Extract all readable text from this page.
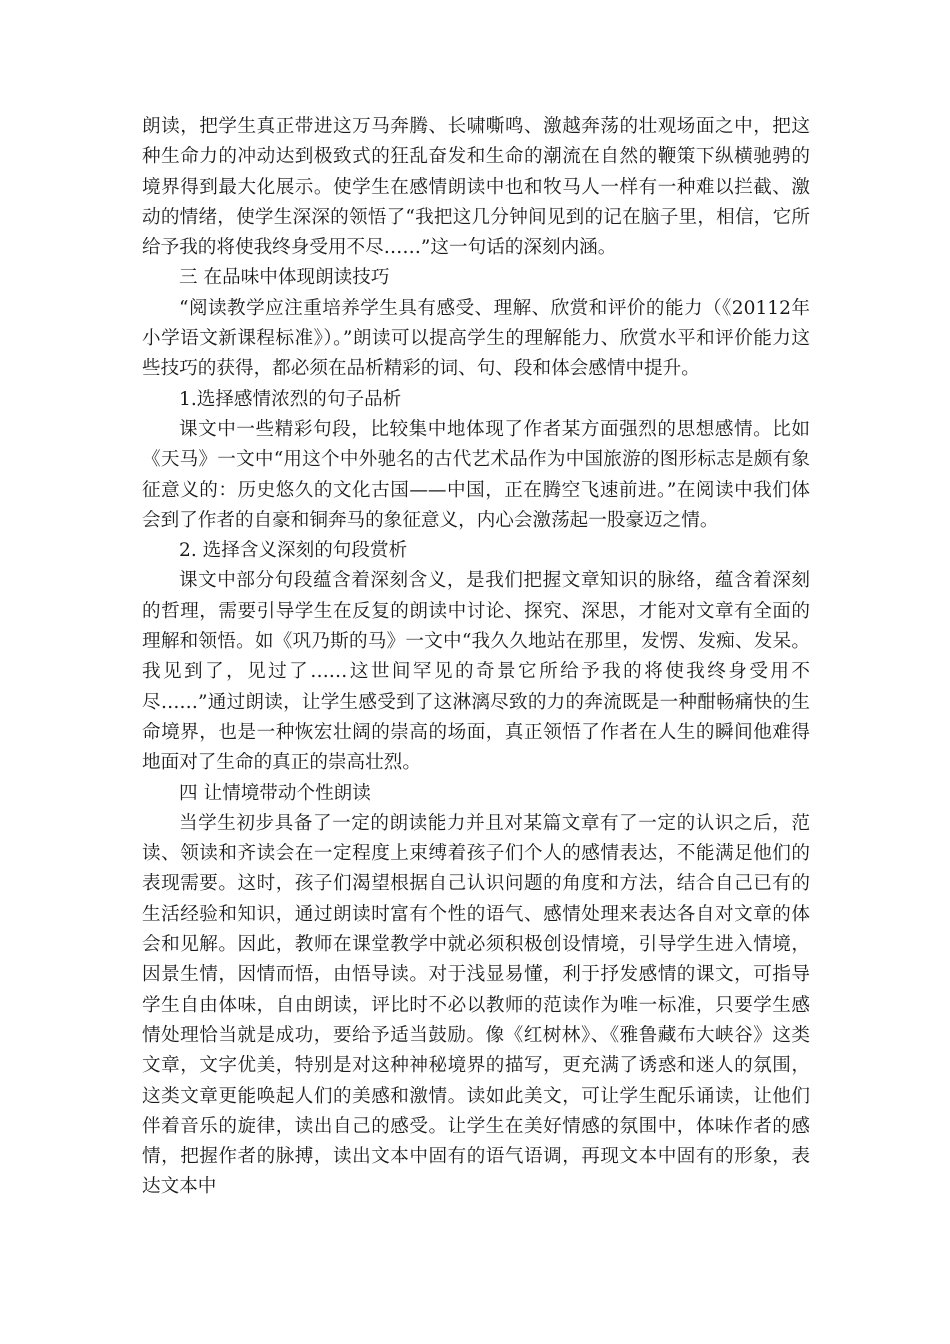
朗读，把学生真正带进这万马奔腾、长啸嘶鸣、激越奔荡的壮观场面之中，把这种生命力的冲动达到极致式的狂乱奋发和生命的潮流在自然的鞭策下纵横驰骋的境界得到最大化展示。使学生在感情朗读中也和牧马人一样有一种难以拦截、激动的情绪，使学生深深的领悟了“我把这几分钟间见到的记在脑子里，相信，它所给予我的将使我终身受用不尽……”这一句话的深刻内涵。

三 在品味中体现朗读技巧

“阅读教学应注重培养学生具有感受、理解、欣赏和评价的能力（《20112年小学语文新课程标准》）。”朗读可以提高学生的理解能力、欣赏水平和评价能力这些技巧的获得，都必须在品析精彩的词、句、段和体会感情中提升。

1.选择感情浓烈的句子品析

课文中一些精彩句段，比较集中地体现了作者某方面强烈的思想感情。比如《天马》一文中“用这个中外驰名的古代艺术品作为中国旅游的图形标志是颇有象征意义的：历史悠久的文化古国——中国，正在腾空飞速前进。”在阅读中我们体会到了作者的自豪和铜奔马的象征意义，内心会激荡起一股豪迈之情。

2. 选择含义深刻的句段赏析

课文中部分句段蕴含着深刻含义，是我们把握文章知识的脉络，蕴含着深刻的哲理，需要引导学生在反复的朗读中讨论、探究、深思，才能对文章有全面的理解和领悟。如《巩乃斯的马》一文中“我久久地站在那里，发愣、发痴、发呆。我见到了，见过了……这世间罕见的奇景它所给予我的将使我终身受用不尽……”通过朗读，让学生感受到了这淋漓尽致的力的奔流既是一种酣畅痛快的生命境界，也是一种恢宏壮阔的崇高的场面，真正领悟了作者在人生的瞬间他难得地面对了生命的真正的崇高壮烈。

四 让情境带动个性朗读

当学生初步具备了一定的朗读能力并且对某篇文章有了一定的认识之后，范读、领读和齐读会在一定程度上束缚着孩子们个人的感情表达，不能满足他们的表现需要。这时，孩子们渴望根据自己认识问题的角度和方法，结合自己已有的生活经验和知识，通过朗读时富有个性的语气、感情处理来表达各自对文章的体会和见解。因此，教师在课堂教学中就必须积极创设情境，引导学生进入情境，因景生情，因情而悟，由悟导读。对于浅显易懂，利于抒发感情的课文，可指导学生自由体味，自由朗读，评比时不必以教师的范读作为唯一标准，只要学生感情处理恰当就是成功，要给予适当鼓励。像《红树林》、《雅鲁藏布大峡谷》这类文章，文字优美，特别是对这种神秘境界的描写，更充满了诱惑和迷人的氛围，这类文章更能唤起人们的美感和激情。读如此美文，可让学生配乐诵读，让他们伴着音乐的旋律，读出自己的感受。让学生在美好情感的氛围中，体味作者的感情，把握作者的脉搏，读出文本中固有的语气语调，再现文本中固有的形象，表达文本中
